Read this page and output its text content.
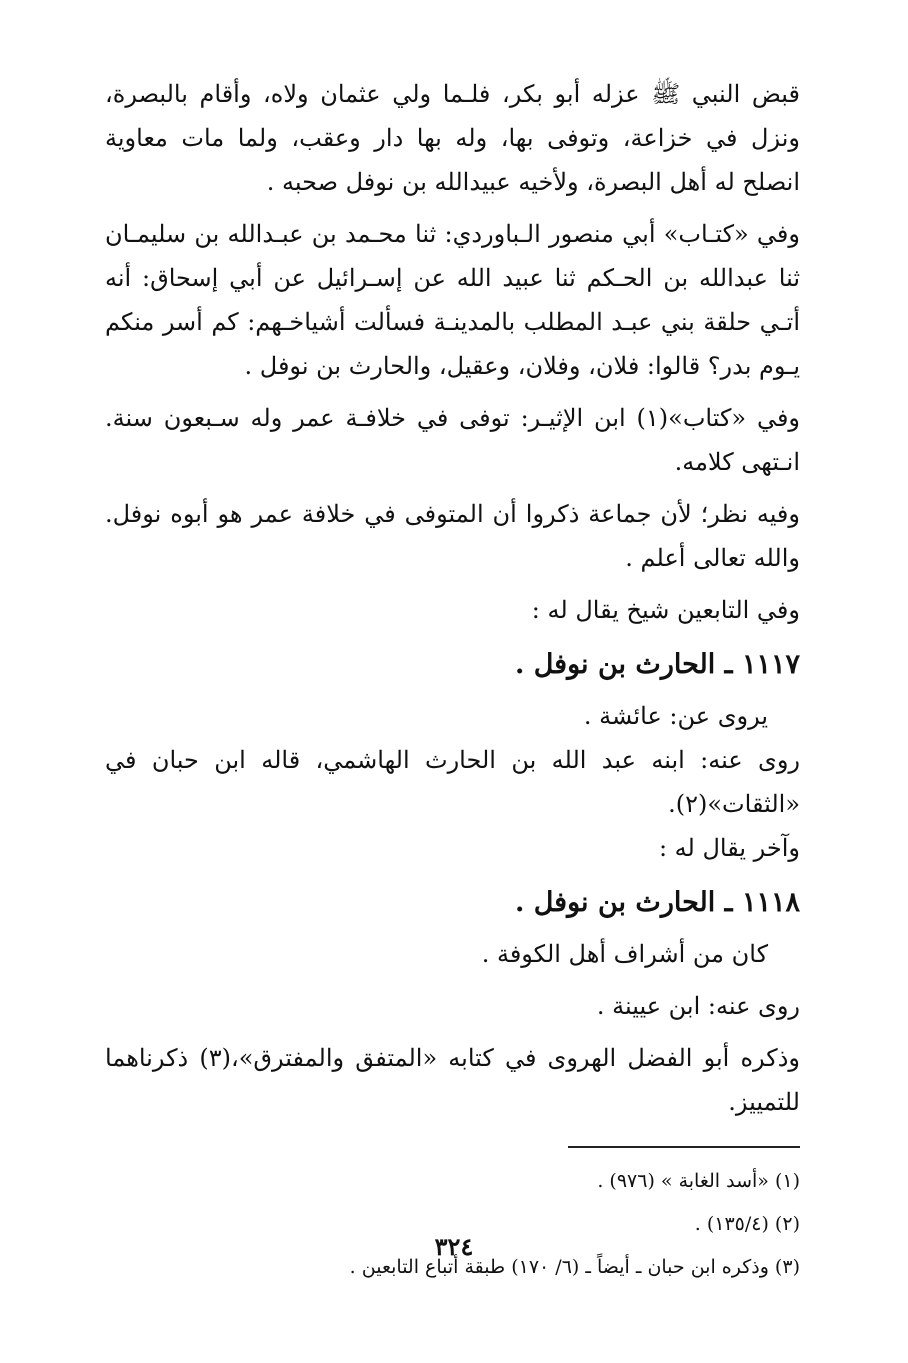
قبض النبي ﷺ عزله أبو بكر، فلـما ولي عثمان ولاه، وأقام بالبصرة، ونزل في خزاعة، وتوفى بها، وله بها دار وعقب، ولما مات معاوية انصلح له أهل البصرة، ولأخيه عبيدالله بن نوفل صحبه .

وفي «كتـاب» أبي منصور الـباوردي: ثنا محـمد بن عبـدالله بن سليمـان ثنا عبدالله بن الحـكم ثنا عبيد الله عن إسـرائيل عن أبي إسحاق: أنه أتـي حلقة بني عبـد المطلب بالمدينـة فسألت أشياخـهم: كم أسر منكم يـوم بدر؟ قالوا: فلان، وفلان، وعقيل، والحارث بن نوفل .

وفي «كتاب»(١) ابن الإثيـر: توفى في خلافـة عمر وله سـبعون سنة. انـتهى كلامه.

وفيه نظر؛ لأن جماعة ذكروا أن المتوفى في خلافة عمر هو أبوه نوفل. والله تعالى أعلم .

وفي التابعين شيخ يقال له :

١١١٧ ـ الحارث بن نوفل .

يروى عن: عائشة .

روى عنه: ابنه عبد الله بن الحارث الهاشمي، قاله ابن حبان في «الثقات»(٢).

وآخر يقال له :

١١١٨ ـ الحارث بن نوفل .

كان من أشراف أهل الكوفة .

روى عنه: ابن عيينة .

وذكره أبو الفضل الهروى في كتابه «المتفق والمفترق»،(٣) ذكرناهما للتمييز.

(١) «أسد الغابة » (٩٧٦) .

(٢) (١٣٥/٤) .

(٣) وذكره ابن حبان ـ أيضاً ـ (٦/ ١٧٠) طبقة أتباع التابعين .

٣٢٤
